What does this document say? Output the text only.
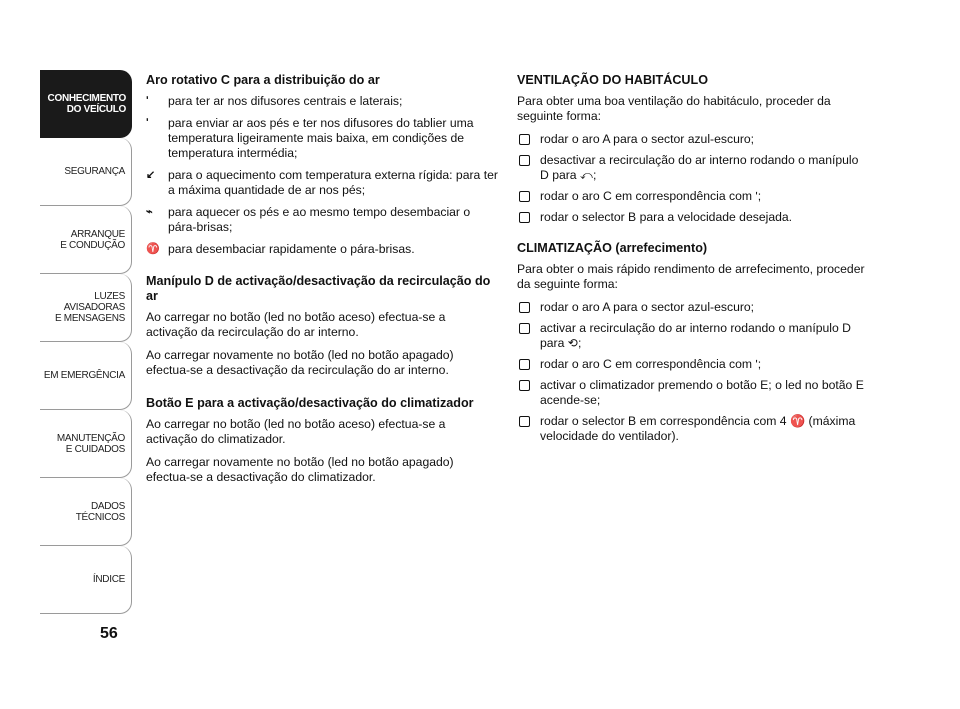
CONHECIMENTO
DO VEÍCULO
SEGURANÇA
ARRANQUE
E CONDUÇÃO
LUZES
AVISADORAS
E MENSAGENS
EM EMERGÊNCIA
MANUTENÇÃO
E CUIDADOS
DADOS
TÉCNICOS
ÍNDICE
56
Aro rotativo C para a distribuição do ar
ʹ	para ter ar nos difusores centrais e laterais;
ʹ	para enviar ar aos pés e ter nos difusores do tablier uma temperatura ligeiramente mais baixa, em condições de temperatura intermédia;
↙	para o aquecimento com temperatura externa rígida: para ter a máxima quantidade de ar nos pés;
⌁	para aquecer os pés e ao mesmo tempo desembaciar o pára-brisas;
♈ para desembaciar rapidamente o pára-brisas.
Manípulo D de activação/desactivação da recirculação do ar

Ao carregar no botão (led no botão aceso) efectua-se a activação da recirculação do ar interno.

Ao carregar novamente no botão (led no botão apagado) efectua-se a desactivação da recirculação do ar interno.

Botão E para a activação/desactivação do climatizador

Ao carregar no botão (led no botão aceso) efectua-se a activação do climatizador.

Ao carregar novamente no botão (led no botão apagado) efectua-se a desactivação do climatizador.

VENTILAÇÃO DO HABITÁCULO

Para obter uma boa ventilação do habitáculo, proceder da seguinte forma:

rodar o aro A para o sector azul-escuro;
desactivar a recirculação do ar interno rodando o manípulo D para ⤺;
rodar o aro C em correspondência com ʹ;
rodar o selector B para a velocidade desejada.
CLIMATIZAÇÃO (arrefecimento)

Para obter o mais rápido rendimento de arrefecimento, proceder da seguinte forma:

rodar o aro A para o sector azul-escuro;
activar a recirculação do ar interno rodando o manípulo D para ⟲;
rodar o aro C em correspondência com ʹ;
activar o climatizador premendo o botão E; o led no botão E acende-se;
rodar o selector B em correspondência com 4 ♈ (máxima velocidade do ventilador).
